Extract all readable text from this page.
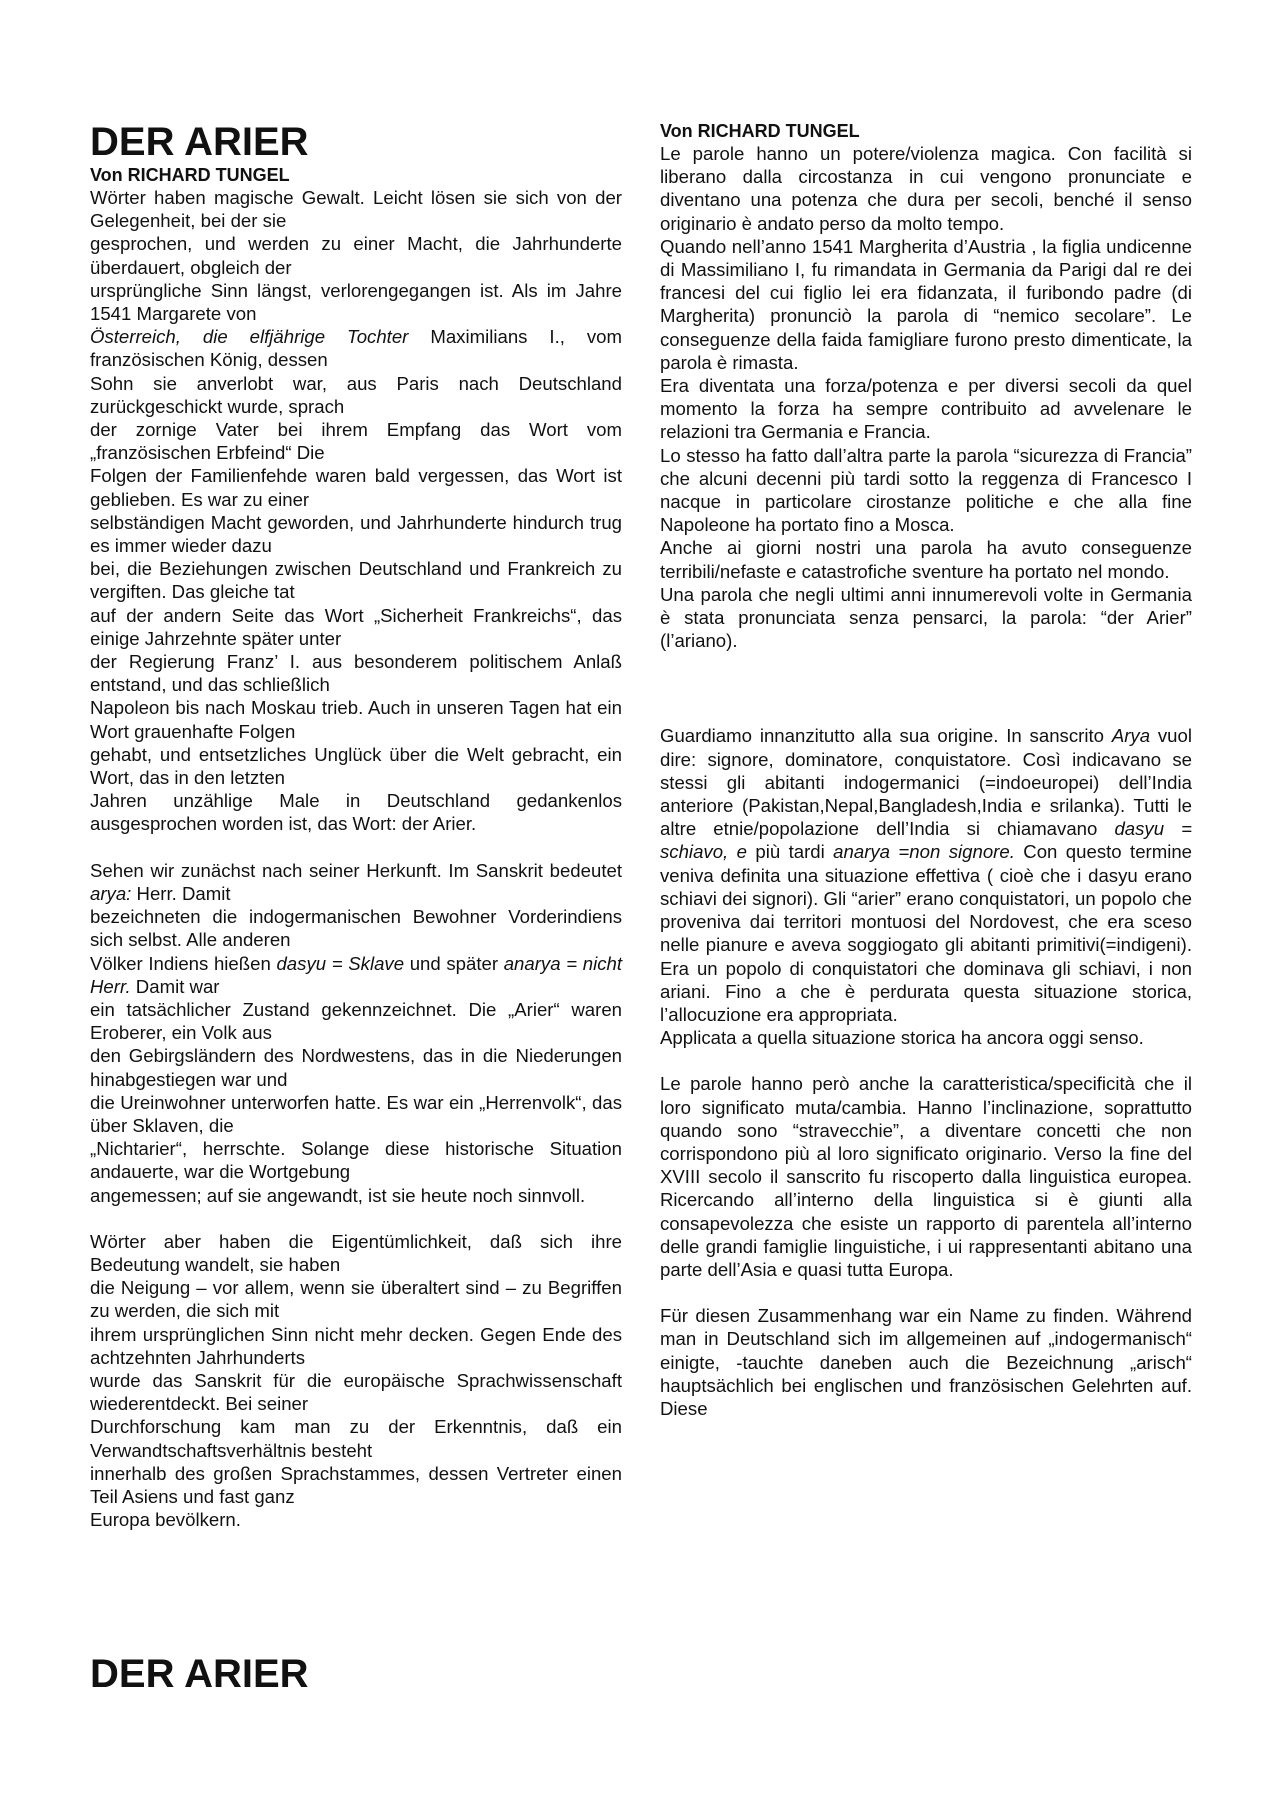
DER ARIER

Von RICHARD TUNGEL

Wörter haben magische Gewalt. Leicht lösen sie sich von der Gelegenheit, bei der sie
gesprochen, und werden zu einer Macht, die Jahrhunderte überdauert, obgleich der
ursprüngliche Sinn längst, verlorengegangen ist. Als im Jahre 1541 Margarete von
Österreich, die elfjährige Tochter Maximilians I., vom französischen König, dessen
Sohn sie anverlobt war, aus Paris nach Deutschland zurückgeschickt wurde, sprach
der zornige Vater bei ihrem Empfang das Wort vom „französischen Erbfeind“ Die
Folgen der Familienfehde waren bald vergessen, das Wort ist geblieben. Es war zu einer
selbständigen Macht geworden, und Jahrhunderte hindurch trug es immer wieder dazu
bei, die Beziehungen zwischen Deutschland und Frankreich zu vergiften. Das gleiche tat
auf der andern Seite das Wort „Sicherheit Frankreichs“, das einige Jahrzehnte später unter
der Regierung Franz’ I. aus besonderem politischem Anlaß entstand, und das schließlich
Napoleon bis nach Moskau trieb. Auch in unseren Tagen hat ein Wort grauenhafte Folgen
gehabt, und entsetzliches Unglück über die Welt gebracht, ein Wort, das in den letzten
Jahren unzählige Male in Deutschland gedankenlos ausgesprochen worden ist, das Wort: der Arier.

Sehen wir zunächst nach seiner Herkunft. Im Sanskrit bedeutet arya: Herr. Damit
bezeichneten die indogermanischen Bewohner Vorderindiens sich selbst. Alle anderen
Völker Indiens hießen dasyu = Sklave und später anarya = nicht Herr. Damit war
ein tatsächlicher Zustand gekennzeichnet. Die „Arier“ waren Eroberer, ein Volk aus
den Gebirgsländern des Nordwestens, das in die Niederungen hinabgestiegen war und
die Ureinwohner unterworfen hatte. Es war ein „Herrenvolk“, das über Sklaven, die
„Nichtarier“, herrschte. Solange diese historische Situation andauerte, war die Wortgebung
angemessen; auf sie angewandt, ist sie heute noch sinnvoll.

Wörter aber haben die Eigentümlichkeit, daß sich ihre Bedeutung wandelt, sie haben
die Neigung – vor allem, wenn sie überaltert sind – zu Begriffen zu werden, die sich mit
ihrem ursprünglichen Sinn nicht mehr decken. Gegen Ende des achtzehnten Jahrhunderts
wurde das Sanskrit für die europäische Sprachwissenschaft wiederentdeckt. Bei seiner
Durchforschung kam man zu der Erkenntnis, daß ein Verwandtschaftsverhältnis besteht
innerhalb des großen Sprachstammes, dessen Vertreter einen Teil Asiens und fast ganz
Europa bevölkern.

DER ARIER

Von RICHARD TUNGEL

Le parole hanno un potere/violenza magica. Con facilità si liberano dalla circostanza in cui vengono pronunciate e diventano una potenza che dura per secoli, benché il senso originario è andato perso da molto tempo.

Quando nell’anno 1541 Margherita d’Austria , la figlia undicenne di Massimiliano I, fu rimandata in Germania da Parigi dal re dei francesi del cui figlio lei era fidanzata, il furibondo padre (di Margherita) pronunciò la parola di “nemico secolare”. Le conseguenze della faida famigliare furono presto dimenticate, la parola è rimasta.

Era diventata una forza/potenza e per diversi secoli da quel momento la forza ha sempre contribuito ad avvelenare le relazioni tra Germania e Francia.

Lo stesso ha fatto dall’altra parte la parola “sicurezza di Francia” che alcuni decenni più tardi sotto la reggenza di Francesco I nacque in particolare cirostanze politiche e che alla fine Napoleone ha portato fino a Mosca.

Anche ai giorni nostri una parola ha avuto conseguenze terribili/nefaste e catastrofiche sventure ha portato nel mondo.

Una parola che negli ultimi anni innumerevoli volte in Germania è stata pronunciata senza pensarci, la parola: “der Arier” (l’ariano).

Guardiamo innanzitutto alla sua origine. In sanscrito Arya vuol dire: signore, dominatore, conquistatore. Così indicavano se stessi gli abitanti indogermanici (=indoeuropei) dell’India anteriore (Pakistan,Nepal,Bangladesh,India e srilanka). Tutti le altre etnie/popolazione dell’India si chiamavano dasyu = schiavo, e più tardi anarya =non signore. Con questo termine veniva definita una situazione effettiva ( cioè che i dasyu erano schiavi dei signori). Gli “arier” erano conquistatori, un popolo che proveniva dai territori montuosi del Nordovest, che era sceso nelle pianure e aveva soggiogato gli abitanti primitivi(=indigeni). Era un popolo di conquistatori che dominava gli schiavi, i non ariani. Fino a che è perdurata questa situazione storica, l’allocuzione era appropriata.

Applicata a quella situazione storica ha ancora oggi senso.

Le parole hanno però anche la caratteristica/specificità che il loro significato muta/cambia. Hanno l’inclinazione, soprattutto quando sono “stravecchie”, a diventare concetti che non corrispondono più al loro significato originario. Verso la fine del XVIII secolo il sanscrito fu riscoperto dalla linguistica europea. Ricercando all’interno della linguistica si è giunti alla consapevolezza che esiste un rapporto di parentela all’interno delle grandi famiglie linguistiche, i ui rappresentanti abitano una parte dell’Asia e quasi tutta Europa.

Für diesen Zusammenhang war ein Name zu finden. Während man in Deutschland sich im allgemeinen auf „indogermanisch“ einigte, -tauchte daneben auch die Bezeichnung „arisch“ hauptsächlich bei englischen und französischen Gelehrten auf. Diese
